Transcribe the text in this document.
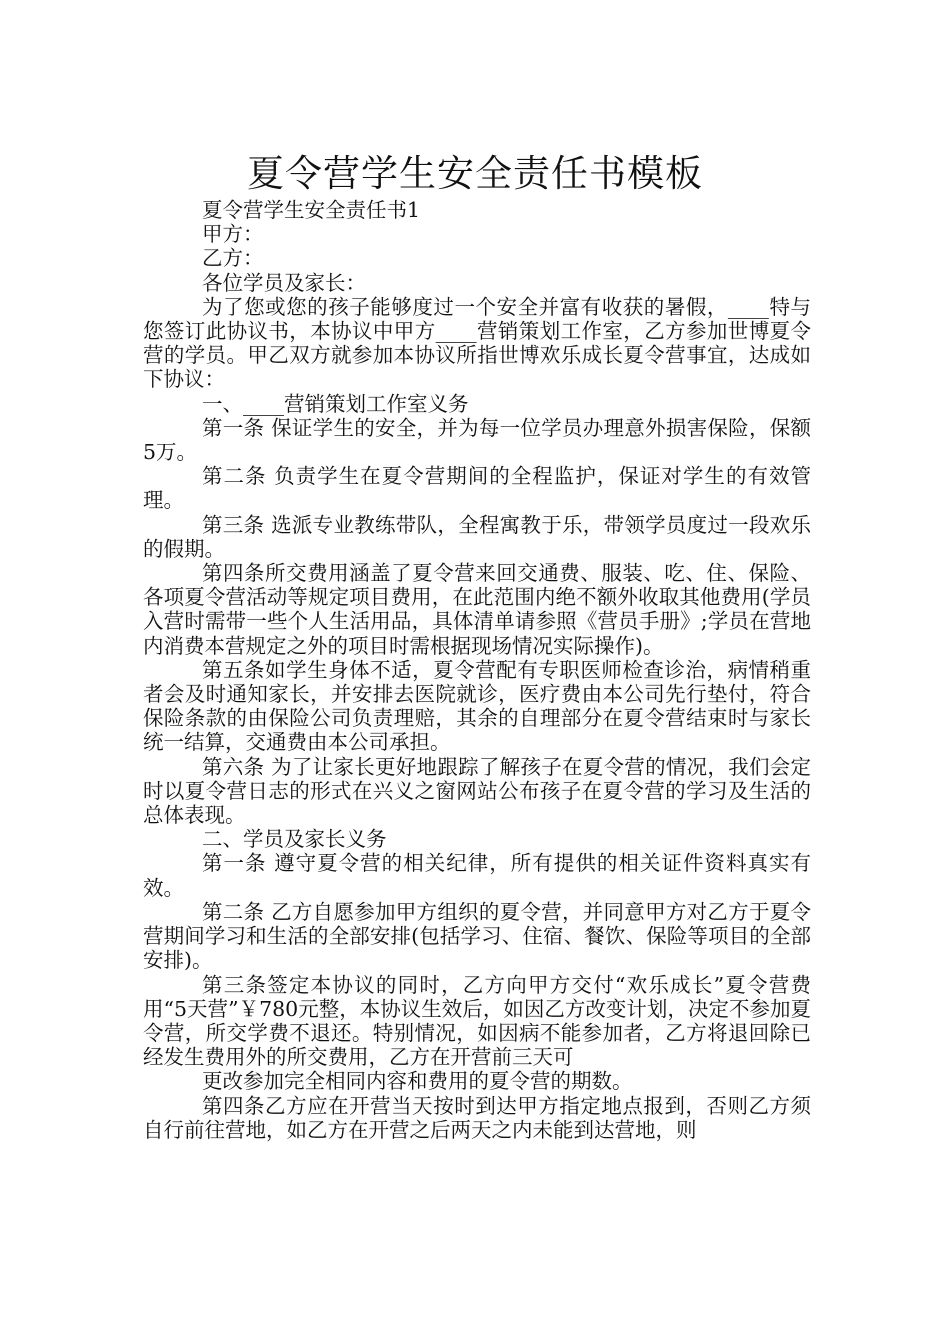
夏令营学生安全责任书模板

夏令营学生安全责任书1

甲方：

乙方：

各位学员及家长：

为了您或您的孩子能够度过一个安全并富有收获的暑假，____特与您签订此协议书，本协议中甲方____营销策划工作室，乙方参加世博夏令营的学员。甲乙双方就参加本协议所指世博欢乐成长夏令营事宜，达成如下协议：

一、____营销策划工作室义务

第一条 保证学生的安全，并为每一位学员办理意外损害保险，保额5万。

第二条 负责学生在夏令营期间的全程监护，保证对学生的有效管理。

第三条 选派专业教练带队，全程寓教于乐，带领学员度过一段欢乐的假期。

第四条所交费用涵盖了夏令营来回交通费、服装、吃、住、保险、各项夏令营活动等规定项目费用，在此范围内绝不额外收取其他费用(学员入营时需带一些个人生活用品，具体清单请参照《营员手册》;学员在营地内消费本营规定之外的项目时需根据现场情况实际操作)。

第五条如学生身体不适，夏令营配有专职医师检查诊治，病情稍重者会及时通知家长，并安排去医院就诊，医疗费由本公司先行垫付，符合保险条款的由保险公司负责理赔，其余的自理部分在夏令营结束时与家长统一结算，交通费由本公司承担。

第六条 为了让家长更好地跟踪了解孩子在夏令营的情况，我们会定时以夏令营日志的形式在兴义之窗网站公布孩子在夏令营的学习及生活的总体表现。

二、学员及家长义务

第一条 遵守夏令营的相关纪律，所有提供的相关证件资料真实有效。

第二条 乙方自愿参加甲方组织的夏令营，并同意甲方对乙方于夏令营期间学习和生活的全部安排(包括学习、住宿、餐饮、保险等项目的全部安排)。

第三条签定本协议的同时，乙方向甲方交付“欢乐成长”夏令营费用“5天营”￥780元整，本协议生效后，如因乙方改变计划，决定不参加夏令营，所交学费不退还。特别情况，如因病不能参加者，乙方将退回除已经发生费用外的所交费用，乙方在开营前三天可

更改参加完全相同内容和费用的夏令营的期数。

第四条乙方应在开营当天按时到达甲方指定地点报到，否则乙方须自行前往营地，如乙方在开营之后两天之内未能到达营地，则
